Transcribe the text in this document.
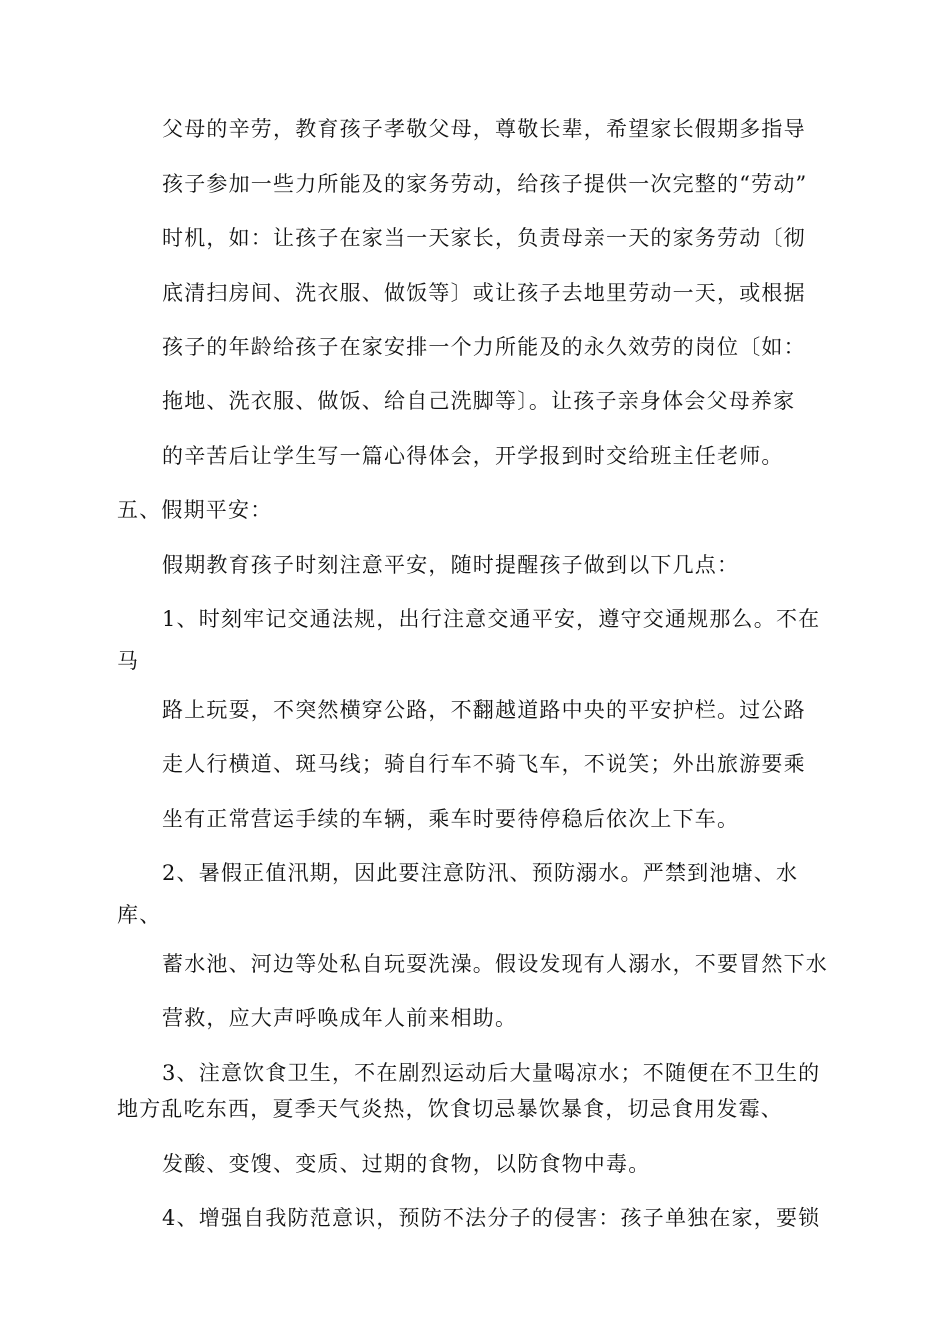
父母的辛劳，教育孩子孝敬父母，尊敬长辈，希望家长假期多指导
孩子参加一些力所能及的家务劳动，给孩子提供一次完整的“劳动”
时机，如：让孩子在家当一天家长，负责母亲一天的家务劳动〔彻
底清扫房间、洗衣服、做饭等〕或让孩子去地里劳动一天，或根据
孩子的年龄给孩子在家安排一个力所能及的永久效劳的岗位〔如：
拖地、洗衣服、做饭、给自己洗脚等〕。让孩子亲身体会父母养家
的辛苦后让学生写一篇心得体会，开学报到时交给班主任老师。
五、假期平安：
假期教育孩子时刻注意平安，随时提醒孩子做到以下几点：
1、时刻牢记交通法规，出行注意交通平安，遵守交通规那么。不在
马
路上玩耍，不突然横穿公路，不翻越道路中央的平安护栏。过公路
走人行横道、斑马线；骑自行车不骑飞车，不说笑；外出旅游要乘
坐有正常营运手续的车辆，乘车时要待停稳后依次上下车。
2、暑假正值汛期，因此要注意防汛、预防溺水。严禁到池塘、水
库、
蓄水池、河边等处私自玩耍洗澡。假设发现有人溺水，不要冒然下水
营救，应大声呼唤成年人前来相助。
3、注意饮食卫生，不在剧烈运动后大量喝凉水；不随便在不卫生的
地方乱吃东西，夏季天气炎热，饮食切忌暴饮暴食，切忌食用发霉、
发酸、变馊、变质、过期的食物，以防食物中毒。
4、增强自我防范意识，预防不法分子的侵害：孩子单独在家，要锁
